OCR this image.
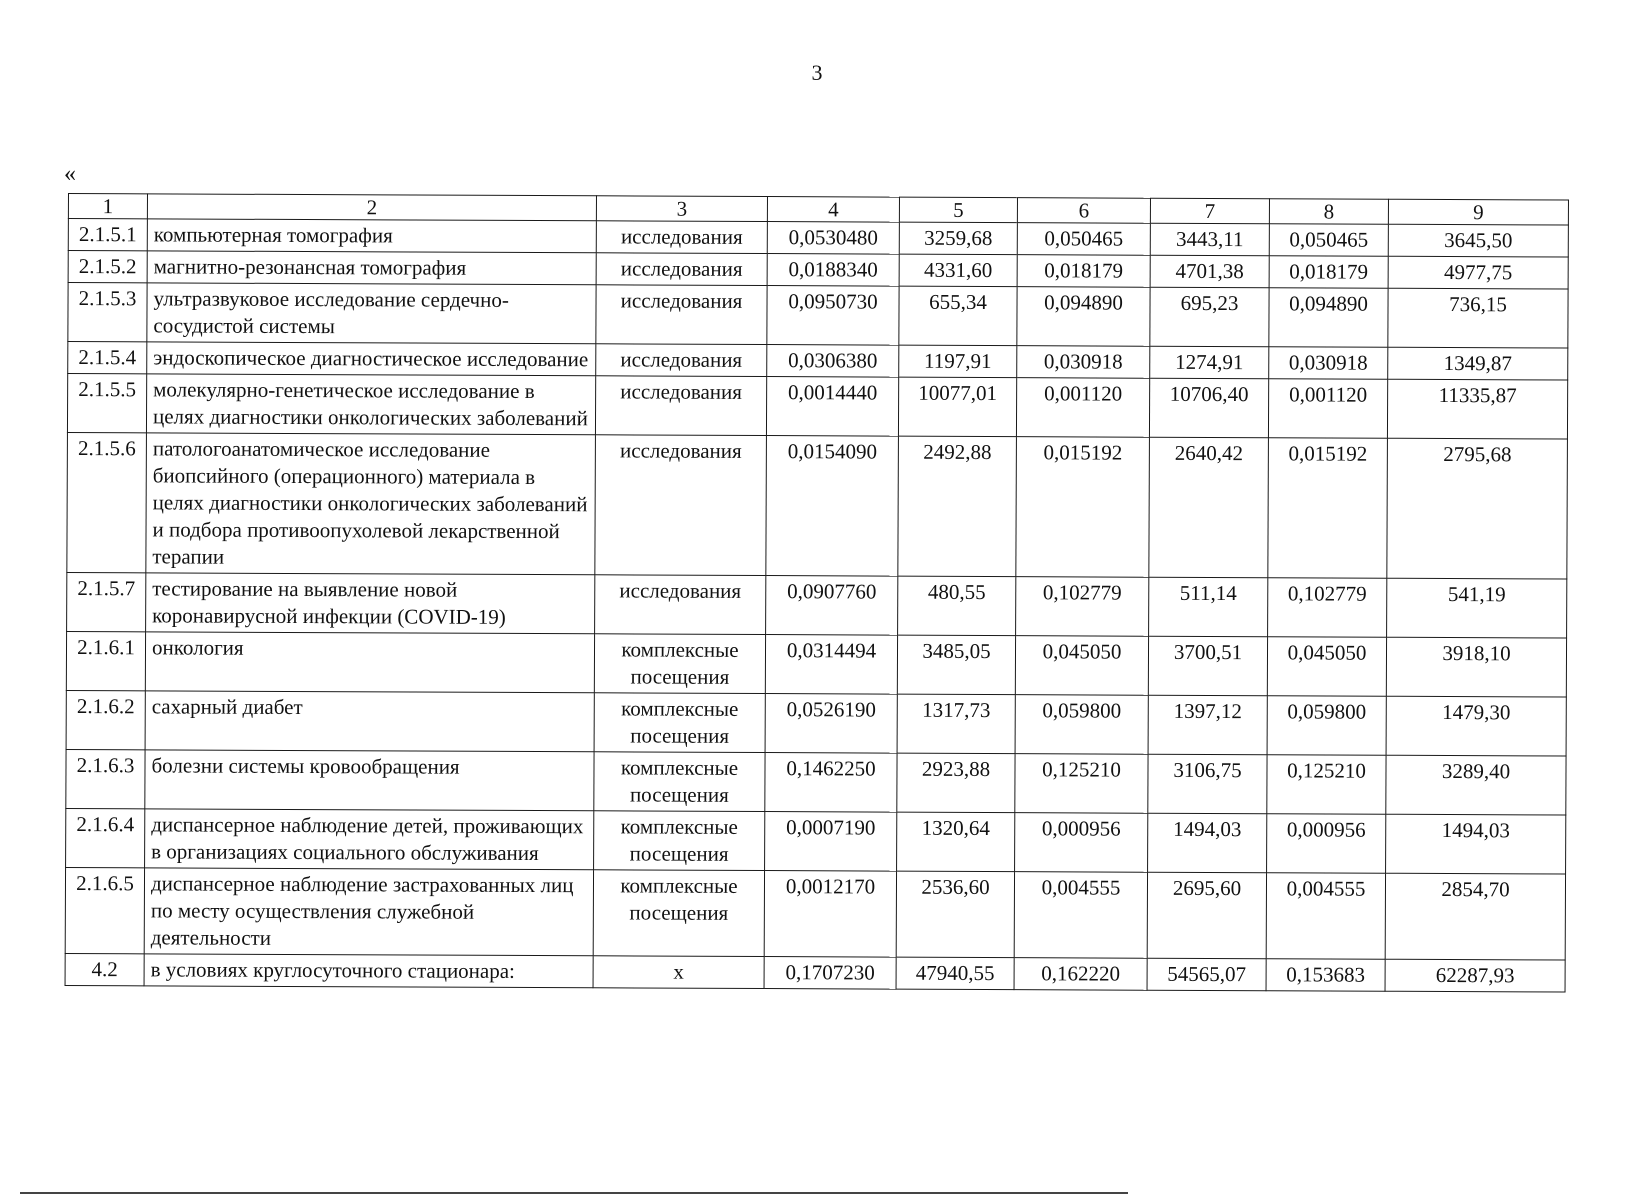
3
«
1	2	3	4	5	6	7	8	9
2.1.5.1	компьютерная томография	исследования	0,0530480	3259,68	0,050465	3443,11	0,050465	3645,50
2.1.5.2	магнитно-резонансная томография	исследования	0,0188340	4331,60	0,018179	4701,38	0,018179	4977,75
2.1.5.3	ультразвуковое исследование сердечно-сосудистой системы	исследования	0,0950730	655,34	0,094890	695,23	0,094890	736,15
2.1.5.4	эндоскопическое диагностическое исследование	исследования	0,0306380	1197,91	0,030918	1274,91	0,030918	1349,87
2.1.5.5	молекулярно-генетическое исследование в целях диагностики онкологических заболеваний	исследования	0,0014440	10077,01	0,001120	10706,40	0,001120	11335,87
2.1.5.6	патологоанатомическое исследование биопсийного (операционного) материала в целях диагностики онкологических заболеваний и подбора противоопухолевой лекарственной терапии	исследования	0,0154090	2492,88	0,015192	2640,42	0,015192	2795,68
2.1.5.7	тестирование на выявление новой коронавирусной инфекции (COVID-19)	исследования	0,0907760	480,55	0,102779	511,14	0,102779	541,19
2.1.6.1	онкология	комплексные посещения	0,0314494	3485,05	0,045050	3700,51	0,045050	3918,10
2.1.6.2	сахарный диабет	комплексные посещения	0,0526190	1317,73	0,059800	1397,12	0,059800	1479,30
2.1.6.3	болезни системы кровообращения	комплексные посещения	0,1462250	2923,88	0,125210	3106,75	0,125210	3289,40
2.1.6.4	диспансерное наблюдение детей, проживающих в организациях социального обслуживания	комплексные посещения	0,0007190	1320,64	0,000956	1494,03	0,000956	1494,03
2.1.6.5	диспансерное наблюдение застрахованных лиц по месту осуществления служебной деятельности	комплексные посещения	0,0012170	2536,60	0,004555	2695,60	0,004555	2854,70
4.2	в условиях круглосуточного стационара:	х	0,1707230	47940,55	0,162220	54565,07	0,153683	62287,93
